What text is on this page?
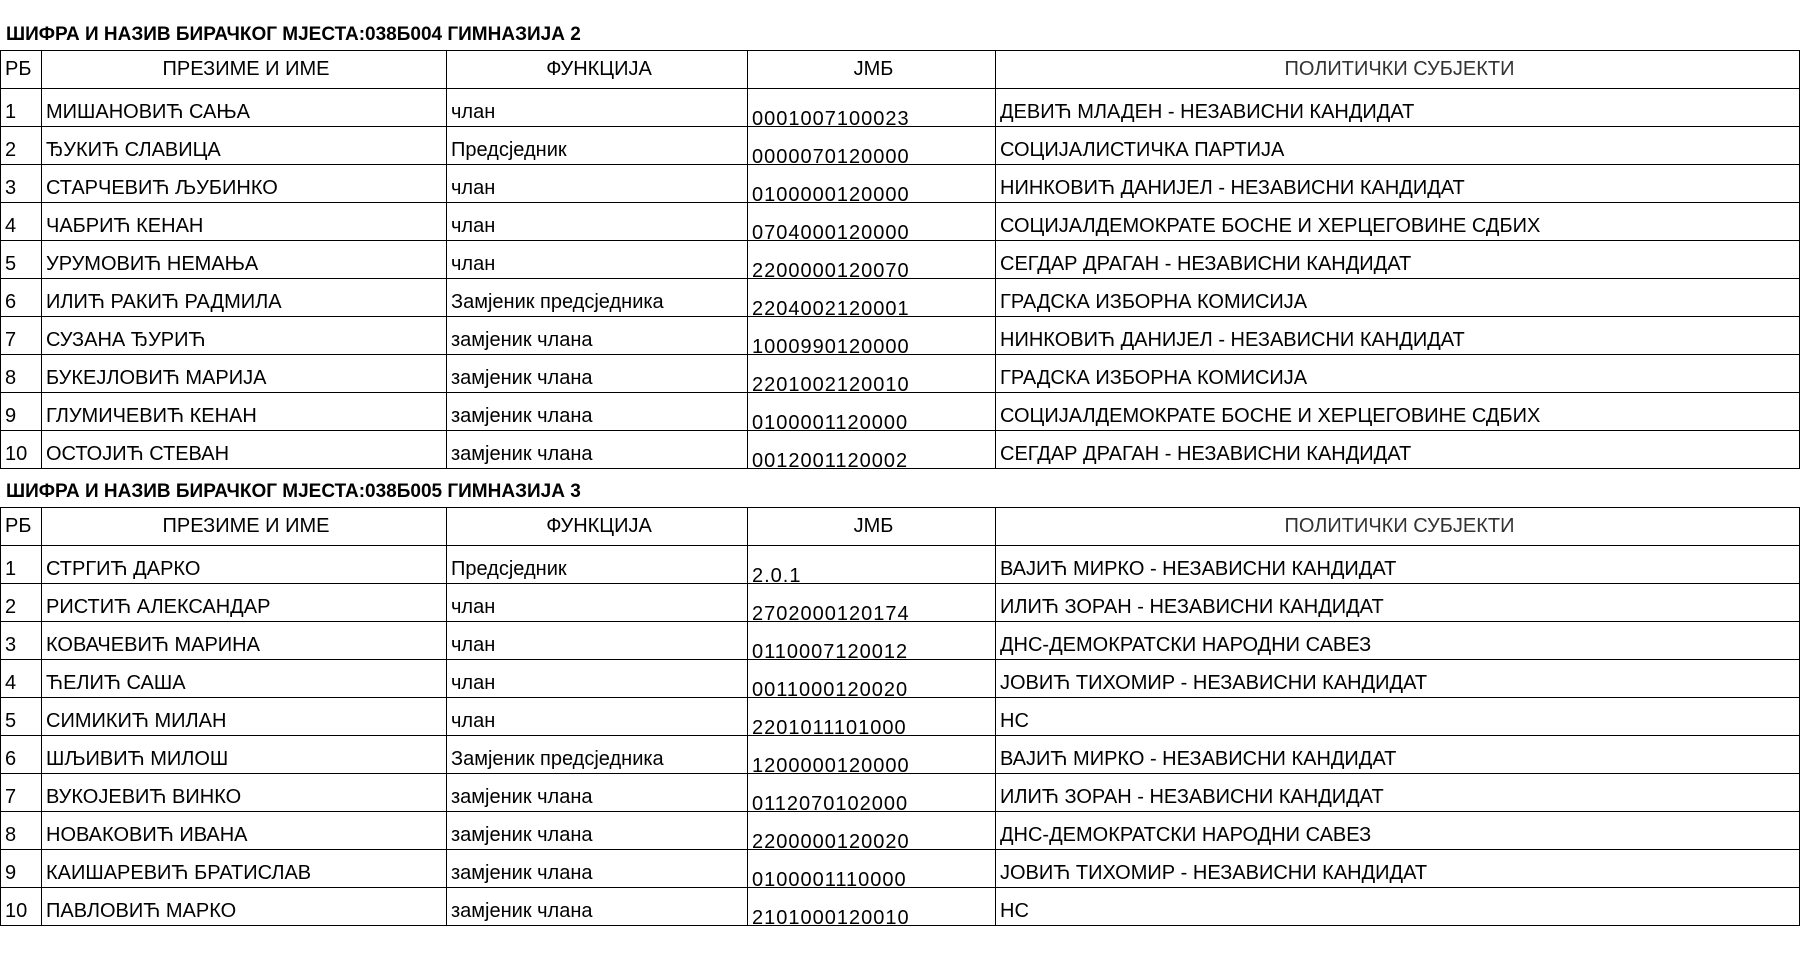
ШИФРА И НАЗИВ БИРАЧКОГ МЈЕСТА:038Б004 ГИМНАЗИЈА 2
РБ	ПРЕЗИМЕ И ИМЕ	ФУНКЦИЈА	ЈМБ	ПОЛИТИЧКИ СУБЈЕКТИ
1	МИШАНОВИЋ САЊА	члан	0001007100023	ДЕВИЋ МЛАДЕН - НЕЗАВИСНИ КАНДИДАТ
2	ЂУКИЋ СЛАВИЦА	Предсједник	0000070120000	СОЦИЈАЛИСТИЧКА ПАРТИЈА
3	СТАРЧЕВИЋ ЉУБИНКО	члан	0100000120000	НИНКОВИЋ ДАНИЈЕЛ - НЕЗАВИСНИ КАНДИДАТ
4	ЧАБРИЋ КЕНАН	члан	0704000120000	СОЦИЈАЛДЕМОКРАТЕ БОСНЕ И ХЕРЦЕГОВИНЕ СДБИХ
5	УРУМОВИЋ НЕМАЊА	члан	2200000120070	СЕГДАР ДРАГАН - НЕЗАВИСНИ КАНДИДАТ
6	ИЛИЋ РАКИЋ РАДМИЛА	Замјеник предсједника	2204002120001	ГРАДСКА ИЗБОРНА КОМИСИЈА
7	СУЗАНА ЂУРИЋ	замјеник члана	1000990120000	НИНКОВИЋ ДАНИЈЕЛ - НЕЗАВИСНИ КАНДИДАТ
8	БУКЕЈЛОВИЋ МАРИЈА	замјеник члана	2201002120010	ГРАДСКА ИЗБОРНА КОМИСИЈА
9	ГЛУМИЧЕВИЋ КЕНАН	замјеник члана	0100001120000	СОЦИЈАЛДЕМОКРАТЕ БОСНЕ И ХЕРЦЕГОВИНЕ СДБИХ
10	ОСТОЈИЋ СТЕВАН	замјеник члана	0012001120002	СЕГДАР ДРАГАН - НЕЗАВИСНИ КАНДИДАТ
ШИФРА И НАЗИВ БИРАЧКОГ МЈЕСТА:038Б005 ГИМНАЗИЈА 3
РБ	ПРЕЗИМЕ И ИМЕ	ФУНКЦИЈА	ЈМБ	ПОЛИТИЧКИ СУБЈЕКТИ
1	СТРГИЋ ДАРКО	Предсједник	2.0.1	ВАЈИЋ МИРКО - НЕЗАВИСНИ КАНДИДАТ
2	РИСТИЋ АЛЕКСАНДАР	члан	2702000120174	ИЛИЋ ЗОРАН - НЕЗАВИСНИ КАНДИДАТ
3	КОВАЧЕВИЋ МАРИНА	члан	0110007120012	ДНС-ДЕМОКРАТСКИ НАРОДНИ САВЕЗ
4	ЋЕЛИЋ САША	члан	0011000120020	ЈОВИЋ ТИХОМИР - НЕЗАВИСНИ КАНДИДАТ
5	СИМИКИЋ МИЛАН	члан	2201011101000	НС
6	ШЉИВИЋ МИЛОШ	Замјеник предсједника	1200000120000	ВАЈИЋ МИРКО - НЕЗАВИСНИ КАНДИДАТ
7	ВУКОЈЕВИЋ ВИНКО	замјеник члана	0112070102000	ИЛИЋ ЗОРАН - НЕЗАВИСНИ КАНДИДАТ
8	НОВАКОВИЋ ИВАНА	замјеник члана	2200000120020	ДНС-ДЕМОКРАТСКИ НАРОДНИ САВЕЗ
9	КАИШАРЕВИЋ БРАТИСЛАВ	замјеник члана	0100001110000	ЈОВИЋ ТИХОМИР - НЕЗАВИСНИ КАНДИДАТ
10	ПАВЛОВИЋ МАРКО	замјеник члана	2101000120010	НС
